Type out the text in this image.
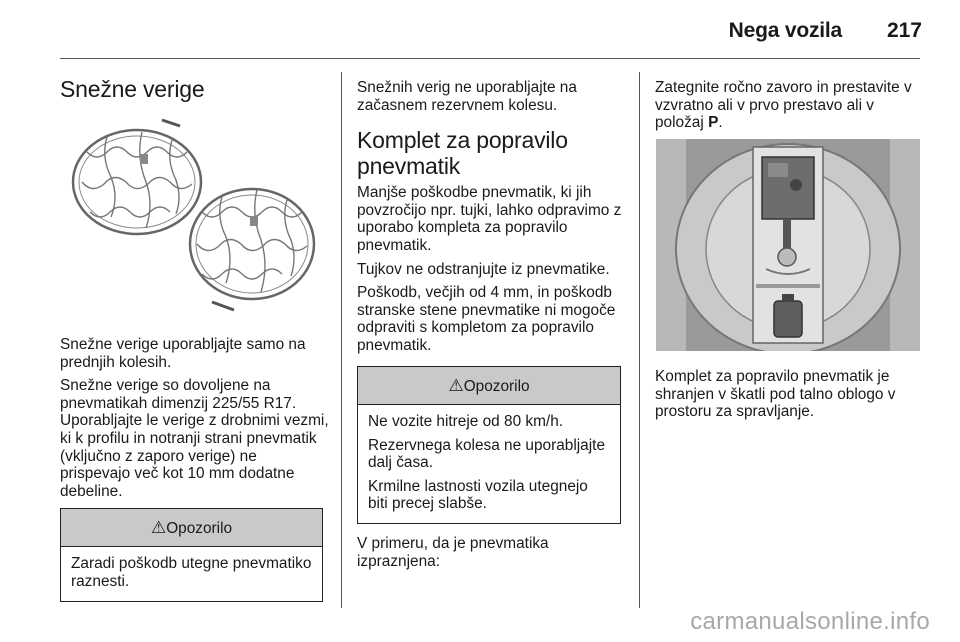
Nega vozila 217
Snežne verige

Snežne verige uporabljajte samo na prednjih kolesih.

Snežne verige so dovoljene na pnevmatikah dimenzij 225/55 R17. Uporabljajte le verige z drobnimi vezmi, ki k profilu in notranji strani pnevmatik (vključno z zaporo verige) ne prispevajo več kot 10 mm dodatne debeline.

⚠Opozorilo

Zaradi poškodb utegne pnevmatiko raznesti.

Snežnih verig ne uporabljajte na začasnem rezervnem kolesu.

Komplet za popravilo pnevmatik

Manjše poškodbe pnevmatik, ki jih povzročijo npr. tujki, lahko odpravimo z uporabo kompleta za popravilo pnevmatik.

Tujkov ne odstranjujte iz pnevmatike.

Poškodb, večjih od 4 mm, in poškodb stranske stene pnevmatike ni mogoče odpraviti s kompletom za popravilo pnevmatik.

⚠Opozorilo

Ne vozite hitreje od 80 km/h.

Rezervnega kolesa ne uporabljajte dalj časa.

Krmilne lastnosti vozila utegnejo biti precej slabše.

V primeru, da je pnevmatika izpraznjena:

Zategnite ročno zavoro in prestavite v vzvratno ali v prvo prestavo ali v položaj P.

Komplet za popravilo pnevmatik je shranjen v škatli pod talno oblogo v prostoru za spravljanje.

carmanualsonline.info
